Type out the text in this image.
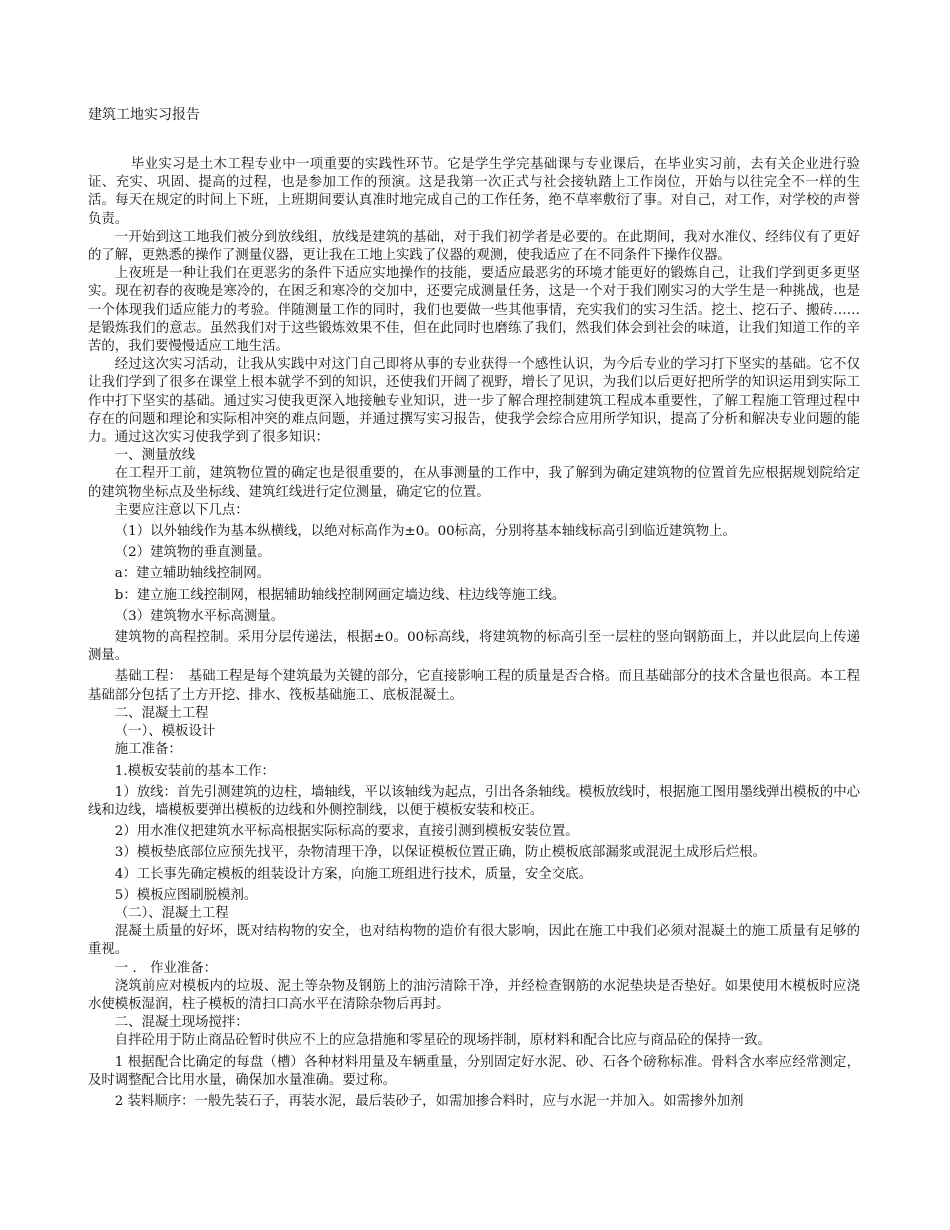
建筑工地实习报告

毕业实习是土木工程专业中一项重要的实践性环节。它是学生学完基础课与专业课后，在毕业实习前，去有关企业进行验证、充实、巩固、提高的过程，也是参加工作的预演。这是我第一次正式与社会接轨踏上工作岗位，开始与以往完全不一样的生活。每天在规定的时间上下班，上班期间要认真准时地完成自己的工作任务，绝不草率敷衍了事。对自己，对工作，对学校的声誉负责。

一开始到这工地我们被分到放线组，放线是建筑的基础，对于我们初学者是必要的。在此期间，我对水准仪、经纬仪有了更好的了解，更熟悉的操作了测量仪器，更让我在工地上实践了仪器的观测，使我适应了在不同条件下操作仪器。

上夜班是一种让我们在更恶劣的条件下适应实地操作的技能，要适应最恶劣的环境才能更好的锻炼自己，让我们学到更多更坚实。现在初春的夜晚是寒冷的，在困乏和寒冷的交加中，还要完成测量任务，这是一个对于我们刚实习的大学生是一种挑战，也是一个体现我们适应能力的考验。伴随测量工作的同时，我们也要做一些其他事情，充实我们的实习生活。挖土、挖石子、搬砖……是锻炼我们的意志。虽然我们对于这些锻炼效果不佳，但在此同时也磨练了我们，然我们体会到社会的味道，让我们知道工作的辛苦的，我们要慢慢适应工地生活。

经过这次实习活动，让我从实践中对这门自己即将从事的专业获得一个感性认识，为今后专业的学习打下坚实的基础。它不仅让我们学到了很多在课堂上根本就学不到的知识，还使我们开阔了视野，增长了见识，为我们以后更好把所学的知识运用到实际工作中打下坚实的基础。通过实习使我更深入地接触专业知识，进一步了解合理控制建筑工程成本重要性，了解工程施工管理过程中存在的问题和理论和实际相冲突的难点问题，并通过撰写实习报告，使我学会综合应用所学知识，提高了分析和解决专业问题的能力。通过这次实习使我学到了很多知识：

一、测量放线

在工程开工前，建筑物位置的确定也是很重要的，在从事测量的工作中，我了解到为确定建筑物的位置首先应根据规划院给定的建筑物坐标点及坐标线、建筑红线进行定位测量，确定它的位置。

主要应注意以下几点：

（1）以外轴线作为基本纵横线，以绝对标高作为±0。00标高，分别将基本轴线标高引到临近建筑物上。

（2）建筑物的垂直测量。

a：建立辅助轴线控制网。

b：建立施工线控制网，根据辅助轴线控制网画定墙边线、柱边线等施工线。

（3）建筑物水平标高测量。

建筑物的高程控制。采用分层传递法，根据±0。00标高线，将建筑物的标高引至一层柱的竖向钢筋面上，并以此层向上传递测量。

基础工程：　基础工程是每个建筑最为关键的部分，它直接影响工程的质量是否合格。而且基础部分的技术含量也很高。本工程基础部分包括了土方开挖、排水、筏板基础施工、底板混凝土。

二、混凝土工程

（一）、模板设计

施工准备：

1.模板安装前的基本工作：

1）放线：首先引测建筑的边柱，墙轴线，平以该轴线为起点，引出各条轴线。模板放线时，根据施工图用墨线弹出模板的中心线和边线，墙模板要弹出模板的边线和外侧控制线，以便于模板安装和校正。

2）用水准仪把建筑水平标高根据实际标高的要求，直接引测到模板安装位置。

3）模板垫底部位应预先找平，杂物清理干净，以保证模板位置正确，防止模板底部漏浆或混泥土成形后烂根。

4）工长事先确定模板的组装设计方案，向施工班组进行技术，质量，安全交底。

5）模板应图刷脱模剂。

（二）、混凝土工程

混凝土质量的好坏，既对结构物的安全，也对结构物的造价有很大影响，因此在施工中我们必须对混凝土的施工质量有足够的重视。

一 ． 作业准备：

浇筑前应对模板内的垃圾、泥土等杂物及钢筋上的油污清除干净，并经检查钢筋的水泥垫块是否垫好。如果使用木模板时应浇水使模板湿润，柱子模板的清扫口高水平在清除杂物后再封。

二、混凝土现场搅拌：

自拌砼用于防止商品砼暂时供应不上的应急措施和零星砼的现场拌制，原材料和配合比应与商品砼的保持一致。

1 根据配合比确定的每盘（槽）各种材料用量及车辆重量，分别固定好水泥、砂、石各个磅称标准。骨料含水率应经常测定，及时调整配合比用水量，确保加水量准确。要过称。

2 装料顺序：一般先装石子，再装水泥，最后装砂子，如需加掺合料时，应与水泥一并加入。如需掺外加剂
